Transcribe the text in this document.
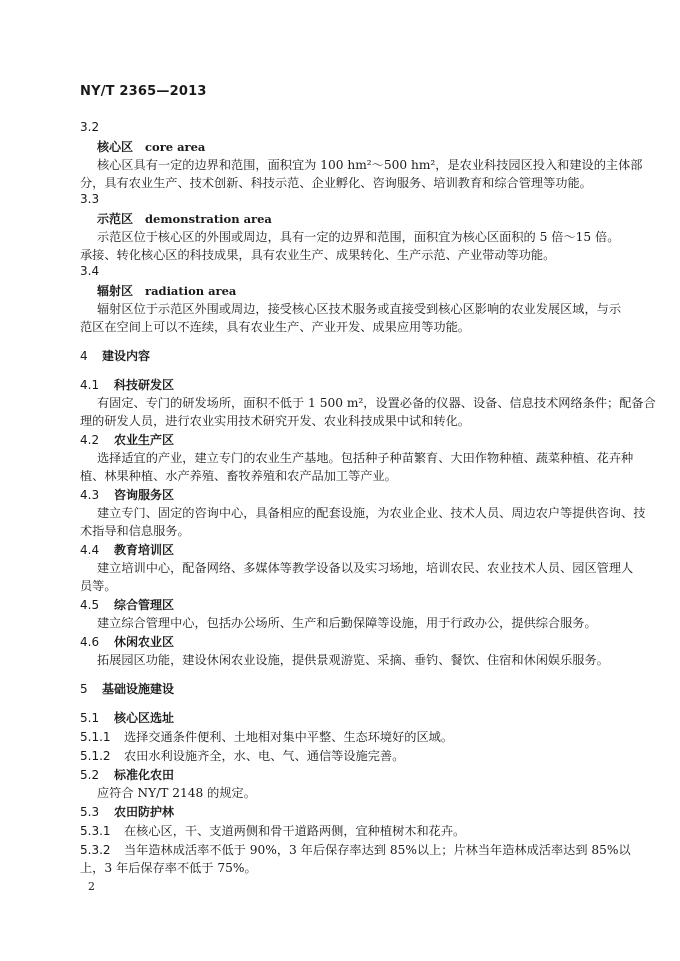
NY/T 2365—2013
3.2
核心区 core area
核心区具有一定的边界和范围，面积宜为 100 hm²～500 hm²，是农业科技园区投入和建设的主体部
分，具有农业生产、技术创新、科技示范、企业孵化、咨询服务、培训教育和综合管理等功能。
3.3
示范区 demonstration area
示范区位于核心区的外围或周边，具有一定的边界和范围，面积宜为核心区面积的 5 倍～15 倍。
承接、转化核心区的科技成果，具有农业生产、成果转化、生产示范、产业带动等功能。
3.4
辐射区 radiation area
辐射区位于示范区外围或周边，接受核心区技术服务或直接受到核心区影响的农业发展区域，与示
范区在空间上可以不连续，具有农业生产、产业开发、成果应用等功能。
4 建设内容
4.1 科技研发区
有固定、专门的研发场所，面积不低于 1 500 m²，设置必备的仪器、设备、信息技术网络条件；配备合
理的研发人员，进行农业实用技术研究开发、农业科技成果中试和转化。
4.2 农业生产区
选择适宜的产业，建立专门的农业生产基地。包括种子种苗繁育、大田作物种植、蔬菜种植、花卉种
植、林果种植、水产养殖、畜牧养殖和农产品加工等产业。
4.3 咨询服务区
建立专门、固定的咨询中心，具备相应的配套设施，为农业企业、技术人员、周边农户等提供咨询、技
术指导和信息服务。
4.4 教育培训区
建立培训中心，配备网络、多媒体等教学设备以及实习场地，培训农民、农业技术人员、园区管理人
员等。
4.5 综合管理区
建立综合管理中心，包括办公场所、生产和后勤保障等设施，用于行政办公，提供综合服务。
4.6 休闲农业区
拓展园区功能，建设休闲农业设施，提供景观游览、采摘、垂钓、餐饮、住宿和休闲娱乐服务。
5 基础设施建设
5.1 核心区选址
5.1.1 选择交通条件便利、土地相对集中平整、生态环境好的区域。
5.1.2 农田水利设施齐全，水、电、气、通信等设施完善。
5.2 标准化农田
应符合 NY/T 2148 的规定。
5.3 农田防护林
5.3.1 在核心区，干、支道两侧和骨干道路两侧，宜种植树木和花卉。
5.3.2 当年造林成活率不低于 90%，3 年后保存率达到 85%以上；片林当年造林成活率达到 85%以
上，3 年后保存率不低于 75%。
2
